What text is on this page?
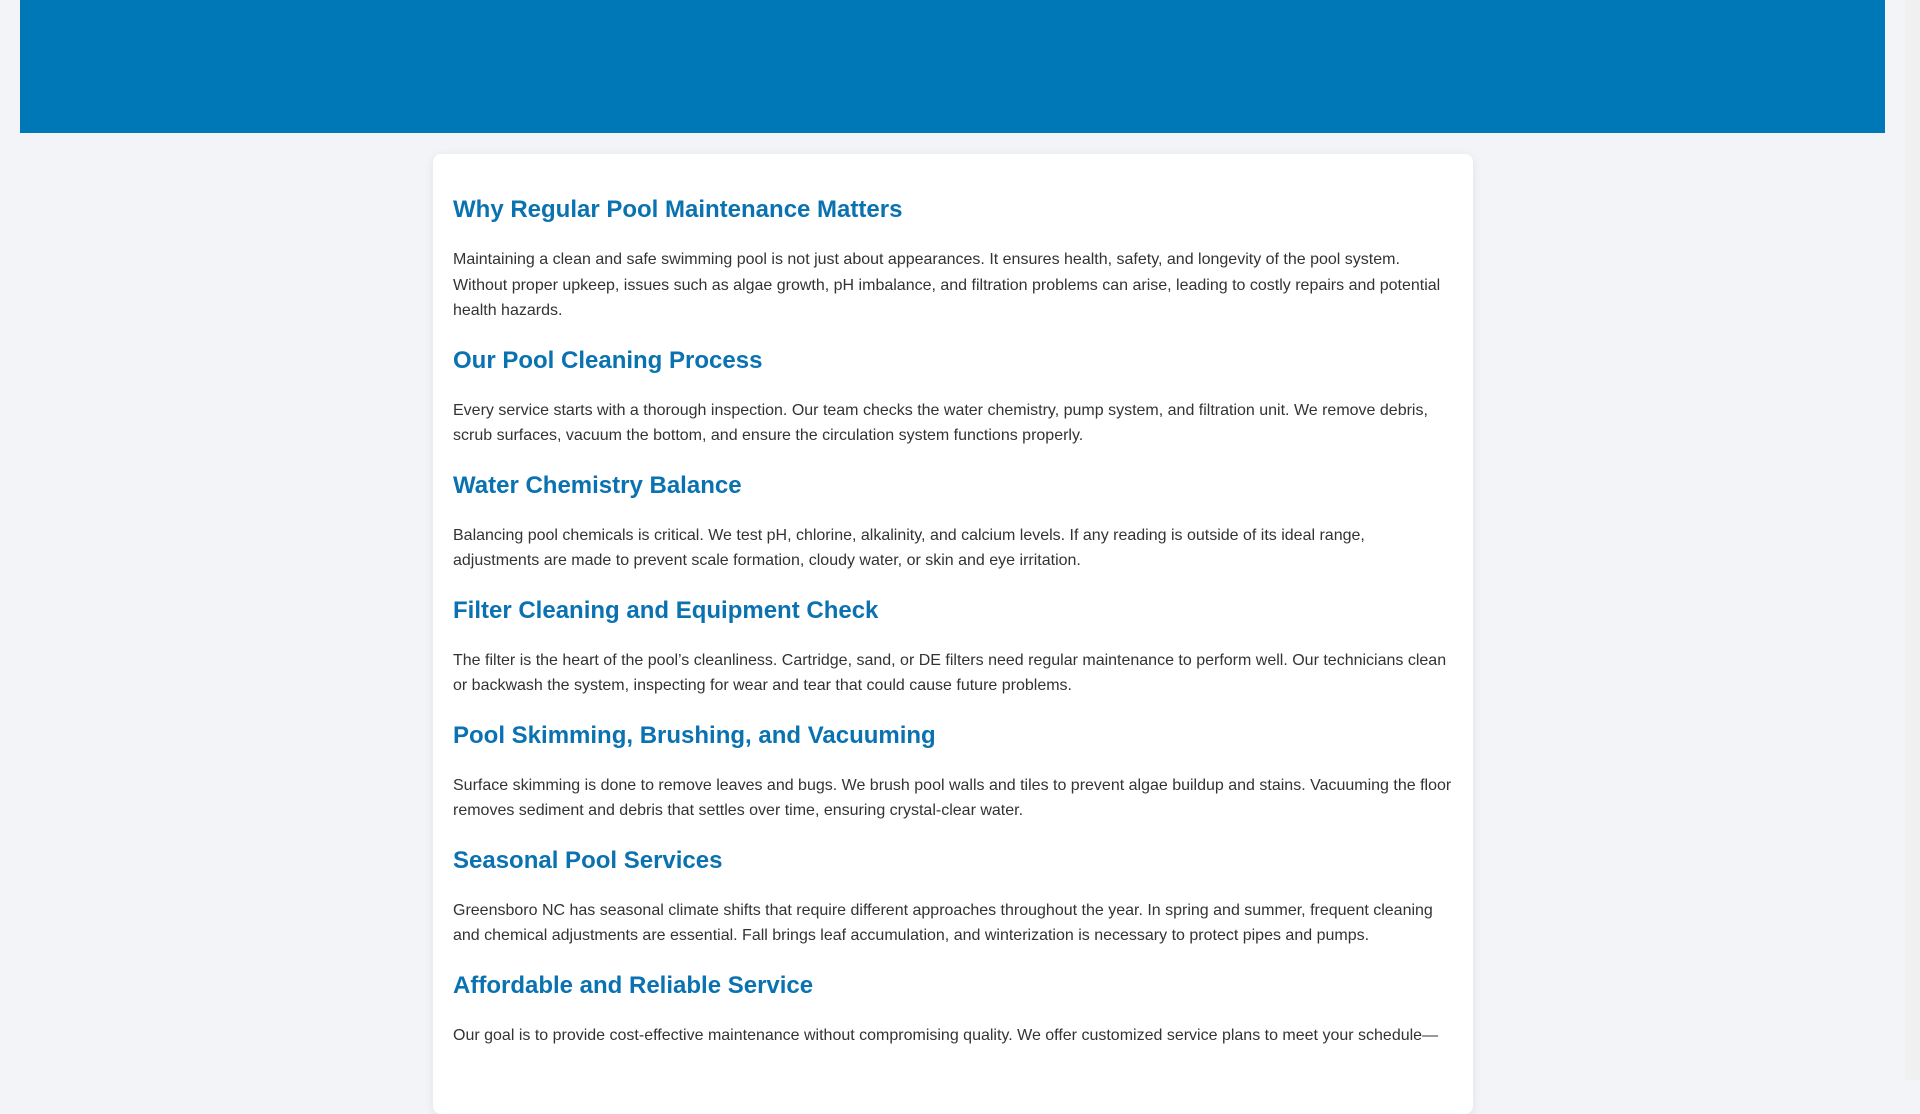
Why Regular Pool Maintenance Matters

Maintaining a clean and safe swimming pool is not just about appearances. It ensures health, safety, and longevity of the pool system. Without proper upkeep, issues such as algae growth, pH imbalance, and filtration problems can arise, leading to costly repairs and potential health hazards.

Our Pool Cleaning Process

Every service starts with a thorough inspection. Our team checks the water chemistry, pump system, and filtration unit. We remove debris, scrub surfaces, vacuum the bottom, and ensure the circulation system functions properly.

Water Chemistry Balance

Balancing pool chemicals is critical. We test pH, chlorine, alkalinity, and calcium levels. If any reading is outside of its ideal range, adjustments are made to prevent scale formation, cloudy water, or skin and eye irritation.

Filter Cleaning and Equipment Check

The filter is the heart of the pool’s cleanliness. Cartridge, sand, or DE filters need regular maintenance to perform well. Our technicians clean or backwash the system, inspecting for wear and tear that could cause future problems.

Pool Skimming, Brushing, and Vacuuming

Surface skimming is done to remove leaves and bugs. We brush pool walls and tiles to prevent algae buildup and stains. Vacuuming the floor removes sediment and debris that settles over time, ensuring crystal-clear water.

Seasonal Pool Services

Greensboro NC has seasonal climate shifts that require different approaches throughout the year. In spring and summer, frequent cleaning and chemical adjustments are essential. Fall brings leaf accumulation, and winterization is necessary to protect pipes and pumps.

Affordable and Reliable Service

Our goal is to provide cost-effective maintenance without compromising quality. We offer customized service plans to meet your schedule—
